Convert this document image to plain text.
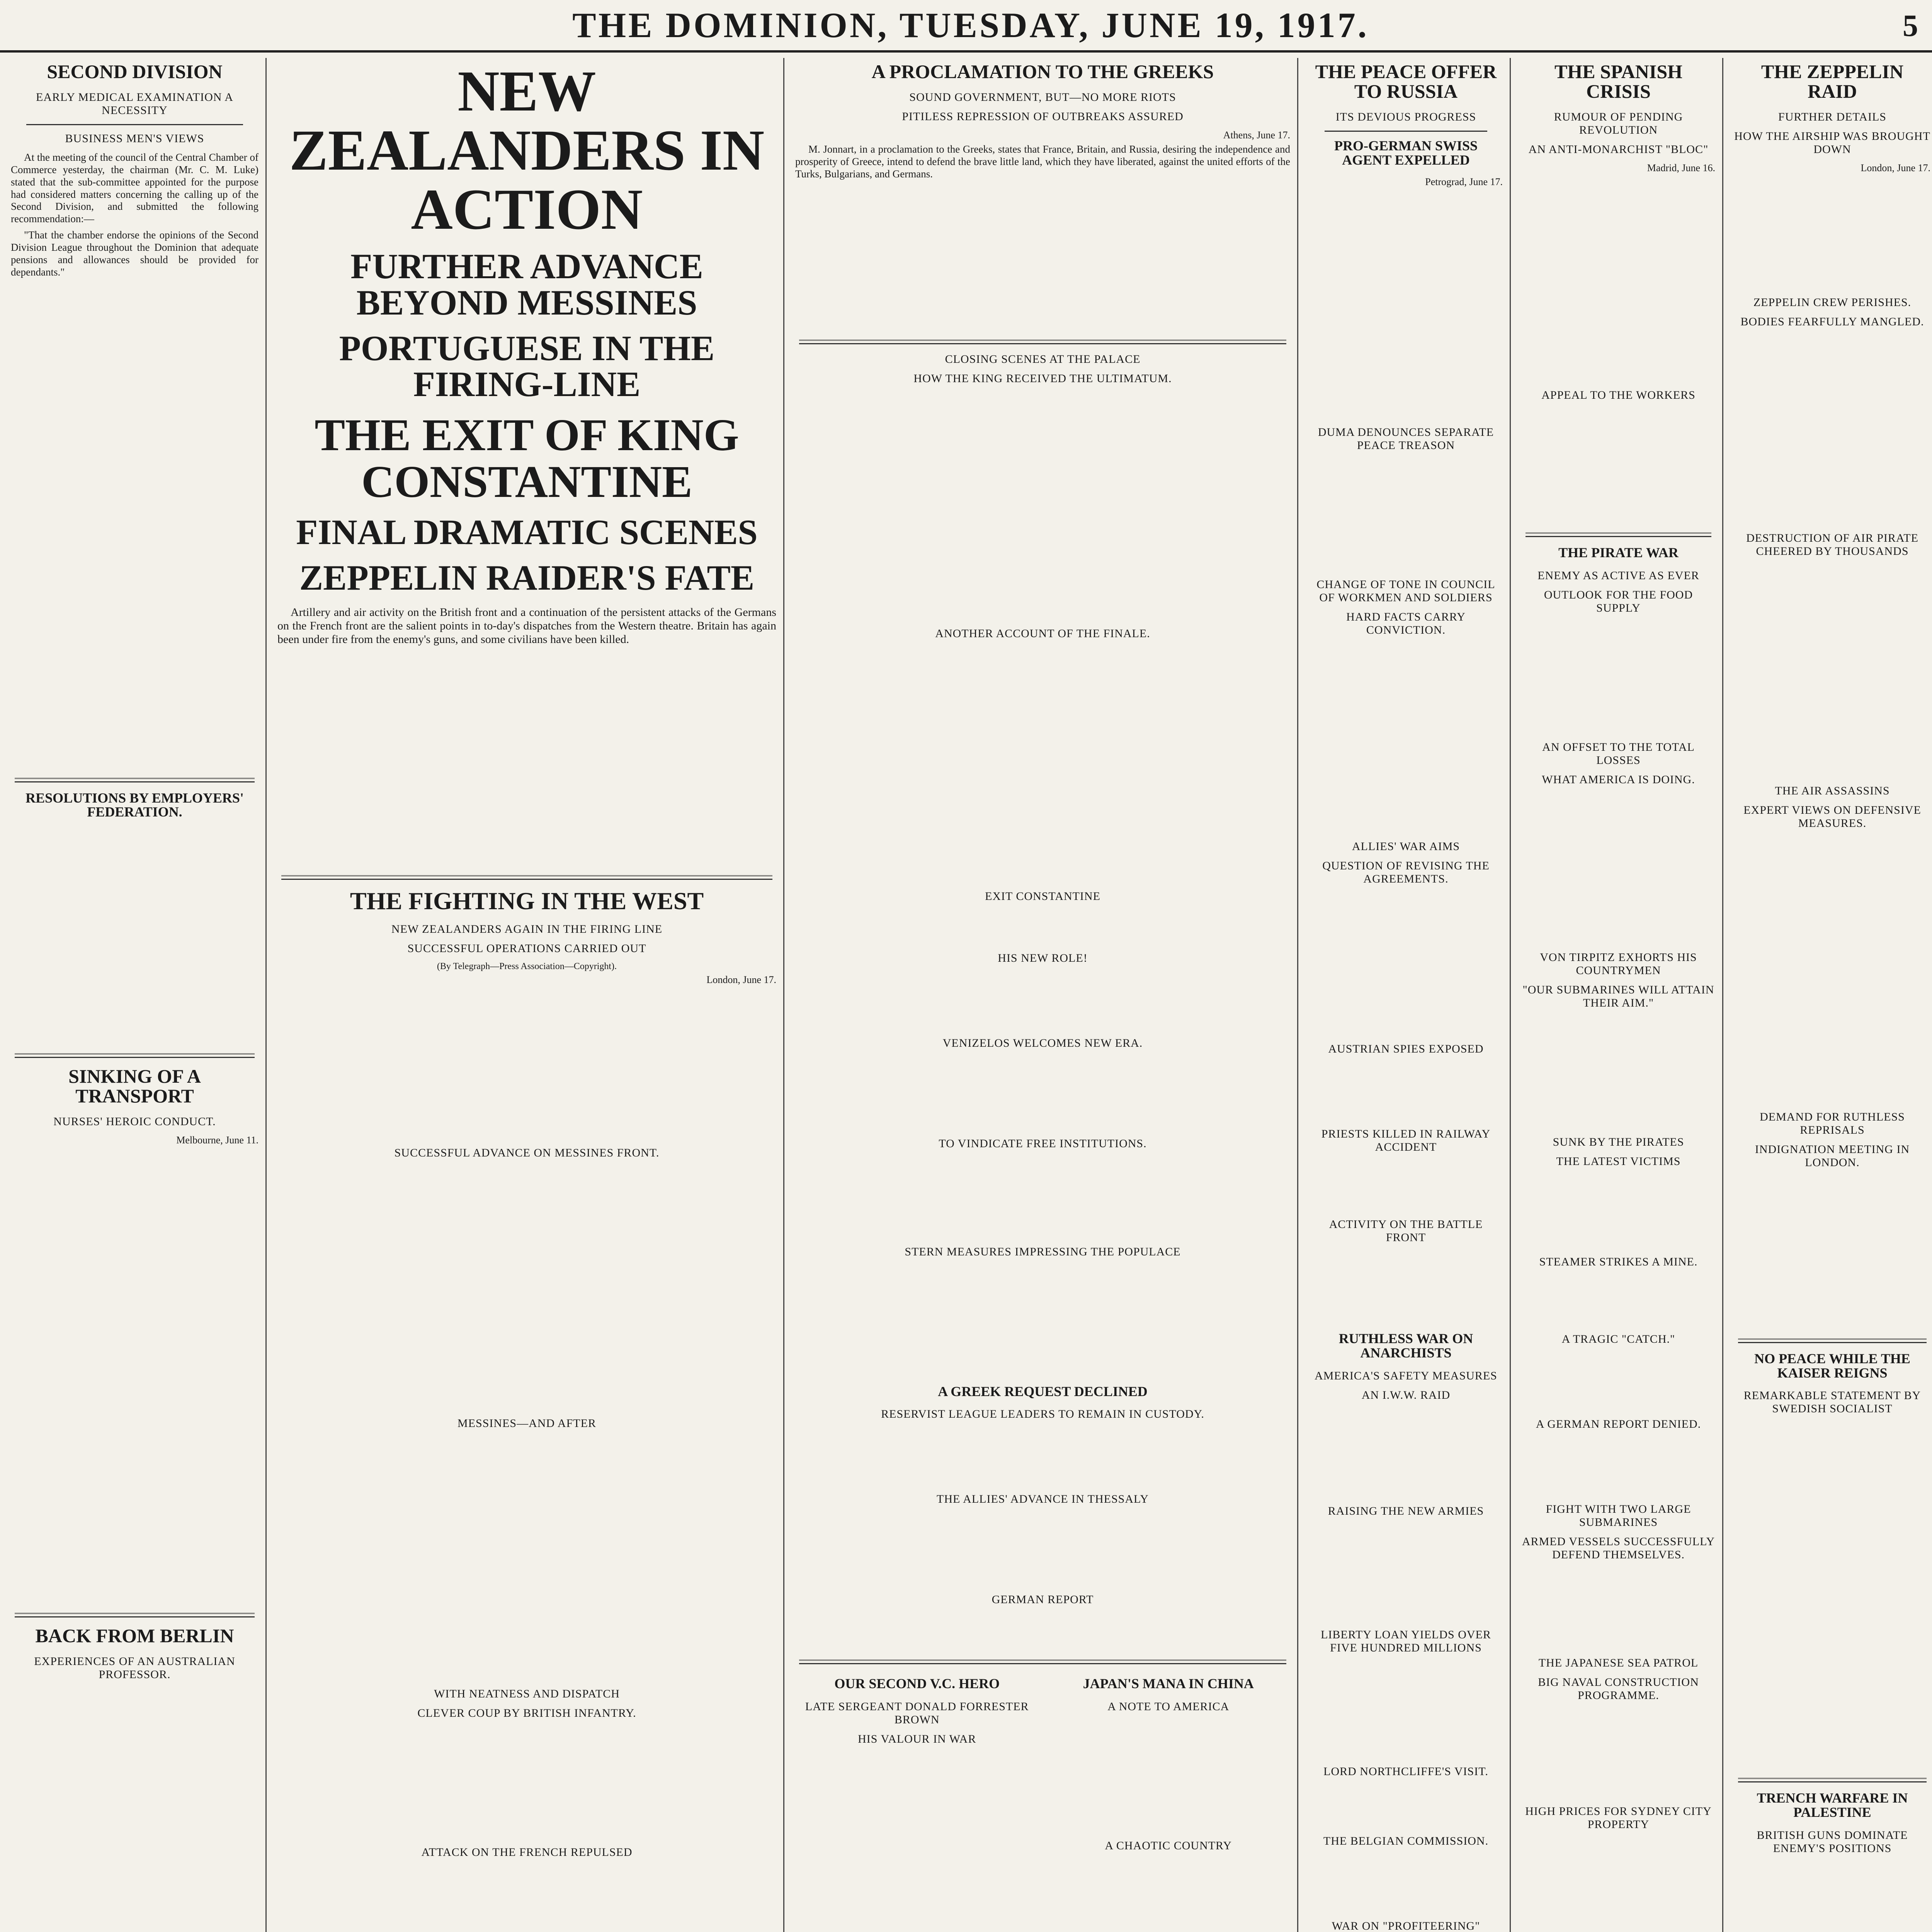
THE DOMINION, TUESDAY, JUNE 19, 1917.	5
SECOND DIVISION
EARLY MEDICAL EXAMINATION A NECESSITY
BUSINESS MEN'S VIEWS

At the meeting of the council of the Central Chamber of Commerce yesterday, the chairman (Mr. C. M. Luke) stated that the sub-committee appointed for the purpose had considered matters concerning the calling up of the Second Division, and submitted the following recommendation:—

"That the chamber endorse the opinions of the Second Division League throughout the Dominion that adequate pensions and allowances should be provided for dependants."

RESOLUTIONS BY EMPLOYERS' FEDERATION.
SINKING OF A TRANSPORT
NURSES' HEROIC CONDUCT.
Melbourne, June 11.
BACK FROM BERLIN
EXPERIENCES OF AN AUSTRALIAN PROFESSOR.
NEW ZEALANDERS IN ACTION
FURTHER ADVANCE BEYOND MESSINES
PORTUGUESE IN THE FIRING-LINE
THE EXIT OF KING CONSTANTINE
FINAL DRAMATIC SCENES
ZEPPELIN RAIDER'S FATE

Artillery and air activity on the British front and a continuation of the persistent attacks of the Germans on the French front are the salient points in to-day's dispatches from the Western theatre. Britain has again been under fire from the enemy's guns, and some civilians have been killed.

THE FIGHTING IN THE WEST
NEW ZEALANDERS AGAIN IN THE FIRING LINE
SUCCESSFUL OPERATIONS CARRIED OUT
(By Telegraph—Press Association—Copyright).
London, June 17.
SUCCESSFUL ADVANCE ON MESSINES FRONT.
MESSINES—AND AFTER
WITH NEATNESS AND DISPATCH
CLEVER COUP BY BRITISH INFANTRY.
ATTACK ON THE FRENCH REPULSED
A PROCLAMATION TO THE GREEKS
SOUND GOVERNMENT, BUT—NO MORE RIOTS
PITILESS REPRESSION OF OUTBREAKS ASSURED
Athens, June 17.

M. Jonnart, in a proclamation to the Greeks, states that France, Britain, and Russia, desiring the independence and prosperity of Greece, intend to defend the brave little land, which they have liberated, against the united efforts of the Turks, Bulgarians, and Germans.

CLOSING SCENES AT THE PALACE
HOW THE KING RECEIVED THE ULTIMATUM.
ANOTHER ACCOUNT OF THE FINALE.
EXIT CONSTANTINE
HIS NEW ROLE!
VENIZELOS WELCOMES NEW ERA.
TO VINDICATE FREE INSTITUTIONS.
STERN MEASURES IMPRESSING THE POPULACE
A GREEK REQUEST DECLINED
RESERVIST LEAGUE LEADERS TO REMAIN IN CUSTODY.
THE ALLIES' ADVANCE IN THESSALY
GERMAN REPORT
OUR SECOND V.C. HERO
LATE SERGEANT DONALD FORRESTER BROWN
HIS VALOUR IN WAR
JAPAN'S MANA IN CHINA
A NOTE TO AMERICA
A CHAOTIC COUNTRY
THE PEACE OFFER TO RUSSIA
ITS DEVIOUS PROGRESS
PRO-GERMAN SWISS AGENT EXPELLED
Petrograd, June 17.
DUMA DENOUNCES SEPARATE PEACE TREASON
CHANGE OF TONE IN COUNCIL OF WORKMEN AND SOLDIERS
HARD FACTS CARRY CONVICTION.
ALLIES' WAR AIMS
QUESTION OF REVISING THE AGREEMENTS.
AUSTRIAN SPIES EXPOSED
PRIESTS KILLED IN RAILWAY ACCIDENT
ACTIVITY ON THE BATTLE FRONT
RUTHLESS WAR ON ANARCHISTS
AMERICA'S SAFETY MEASURES
AN I.W.W. RAID
RAISING THE NEW ARMIES
LIBERTY LOAN YIELDS OVER FIVE HUNDRED MILLIONS
LORD NORTHCLIFFE'S VISIT.
THE BELGIAN COMMISSION.
WAR ON "PROFITEERING"
THE SPANISH CRISIS
RUMOUR OF PENDING REVOLUTION
AN ANTI-MONARCHIST "BLOC"
Madrid, June 16.
APPEAL TO THE WORKERS
THE PIRATE WAR
ENEMY AS ACTIVE AS EVER
OUTLOOK FOR THE FOOD SUPPLY
AN OFFSET TO THE TOTAL LOSSES
WHAT AMERICA IS DOING.
VON TIRPITZ EXHORTS HIS COUNTRYMEN
"OUR SUBMARINES WILL ATTAIN THEIR AIM."
SUNK BY THE PIRATES
THE LATEST VICTIMS
STEAMER STRIKES A MINE.
A TRAGIC "CATCH."
A GERMAN REPORT DENIED.
FIGHT WITH TWO LARGE SUBMARINES
ARMED VESSELS SUCCESSFULLY DEFEND THEMSELVES.
THE JAPANESE SEA PATROL
BIG NAVAL CONSTRUCTION PROGRAMME.
HIGH PRICES FOR SYDNEY CITY PROPERTY
THE ZEPPELIN RAID
FURTHER DETAILS
HOW THE AIRSHIP WAS BROUGHT DOWN
London, June 17.
ZEPPELIN CREW PERISHES.
BODIES FEARFULLY MANGLED.
DESTRUCTION OF AIR PIRATE CHEERED BY THOUSANDS
THE AIR ASSASSINS
EXPERT VIEWS ON DEFENSIVE MEASURES.
DEMAND FOR RUTHLESS REPRISALS
INDIGNATION MEETING IN LONDON.
NO PEACE WHILE THE KAISER REIGNS
REMARKABLE STATEMENT BY SWEDISH SOCIALIST
TRENCH WARFARE IN PALESTINE
BRITISH GUNS DOMINATE ENEMY'S POSITIONS
